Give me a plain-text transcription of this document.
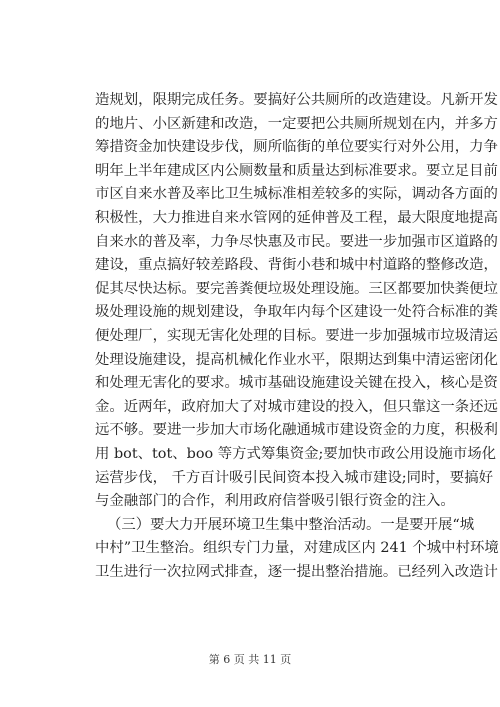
造规划，限期完成任务。要搞好公共厕所的改造建设。凡新开发
的地片、小区新建和改造，一定要把公共厕所规划在内，并多方
筹措资金加快建设步伐，厕所临街的单位要实行对外公用，力争
明年上半年建成区内公厕数量和质量达到标准要求。要立足目前
市区自来水普及率比卫生城标准相差较多的实际，调动各方面的
积极性，大力推进自来水管网的延伸普及工程，最大限度地提高
自来水的普及率，力争尽快惠及市民。要进一步加强市区道路的
建设，重点搞好较差路段、背街小巷和城中村道路的整修改造，
促其尽快达标。要完善粪便垃圾处理设施。三区都要加快粪便垃
圾处理设施的规划建设，争取年内每个区建设一处符合标准的粪
便处理厂，实现无害化处理的目标。要进一步加强城市垃圾清运
处理设施建设，提高机械化作业水平，限期达到集中清运密闭化
和处理无害化的要求。城市基础设施建设关键在投入，核心是资
金。近两年，政府加大了对城市建设的投入，但只靠这一条还远
远不够。要进一步加大市场化融通城市建设资金的力度，积极利
用 bot、tot、boo 等方式筹集资金;要加快市政公用设施市场化
运营步伐， 千方百计吸引民间资本投入城市建设;同时，要搞好
与金融部门的合作，利用政府信誉吸引银行资金的注入。
（三）要大力开展环境卫生集中整治活动。一是要开展“城
中村”卫生整治。组织专门力量，对建成区内 241 个城中村环境
卫生进行一次拉网式排查，逐一提出整治措施。已经列入改造计
第 6 页 共 11 页
